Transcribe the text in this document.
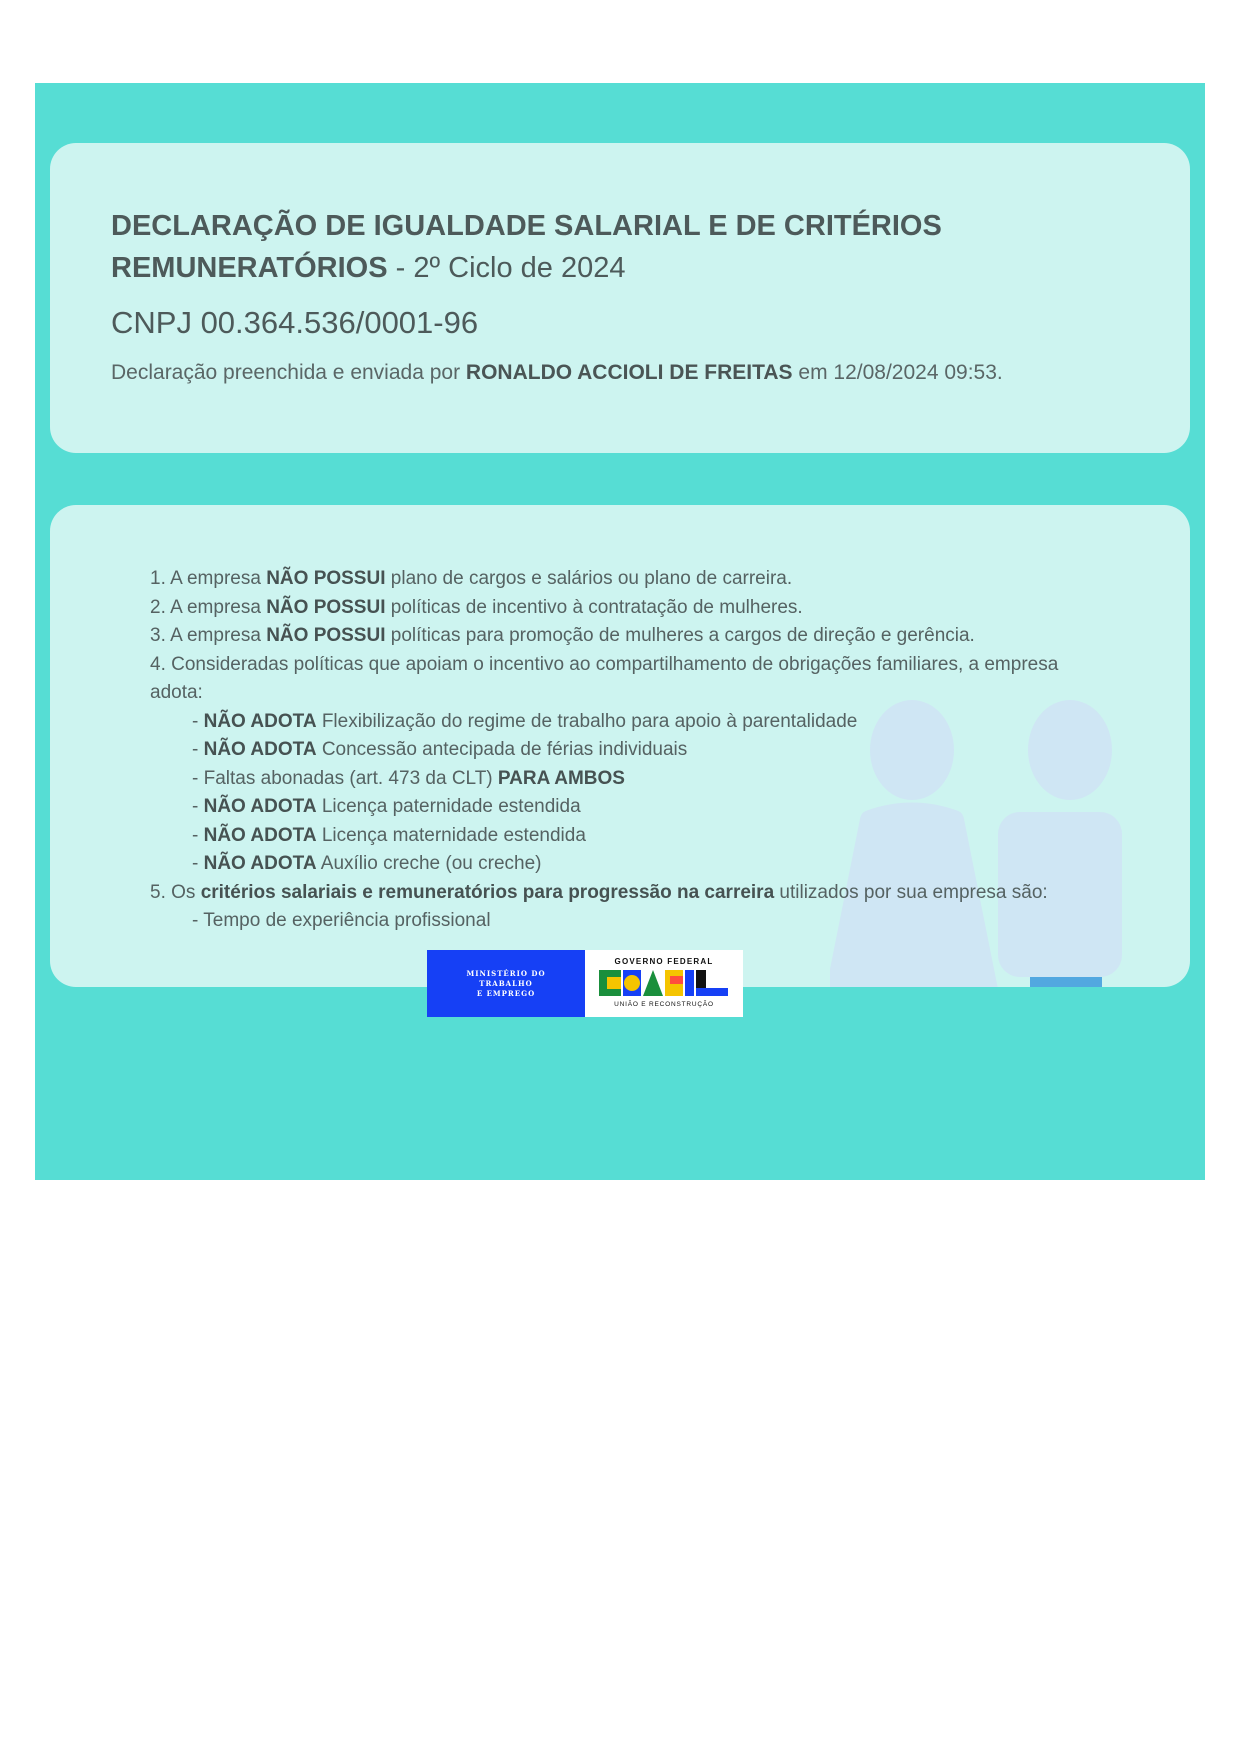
DECLARAÇÃO DE IGUALDADE SALARIAL E DE CRITÉRIOS REMUNERATÓRIOS - 2º Ciclo de 2024

CNPJ 00.364.536/0001-96

Declaração preenchida e enviada por RONALDO ACCIOLI DE FREITAS em 12/08/2024 09:53.

1. A empresa NÃO POSSUI plano de cargos e salários ou plano de carreira.
2. A empresa NÃO POSSUI políticas de incentivo à contratação de mulheres.
3. A empresa NÃO POSSUI políticas para promoção de mulheres a cargos de direção e gerência.
4. Consideradas políticas que apoiam o incentivo ao compartilhamento de obrigações familiares, a empresa adota:
- NÃO ADOTA Flexibilização do regime de trabalho para apoio à parentalidade
- NÃO ADOTA Concessão antecipada de férias individuais
- Faltas abonadas (art. 473 da CLT) PARA AMBOS
- NÃO ADOTA Licença paternidade estendida
- NÃO ADOTA Licença maternidade estendida
- NÃO ADOTA Auxílio creche (ou creche)
5. Os critérios salariais e remuneratórios para progressão na carreira utilizados por sua empresa são:
- Tempo de experiência profissional
MINISTÉRIO DO
TRABALHO
E EMPREGO
GOVERNO FEDERAL
UNIÃO E RECONSTRUÇÃO
BRASIL
